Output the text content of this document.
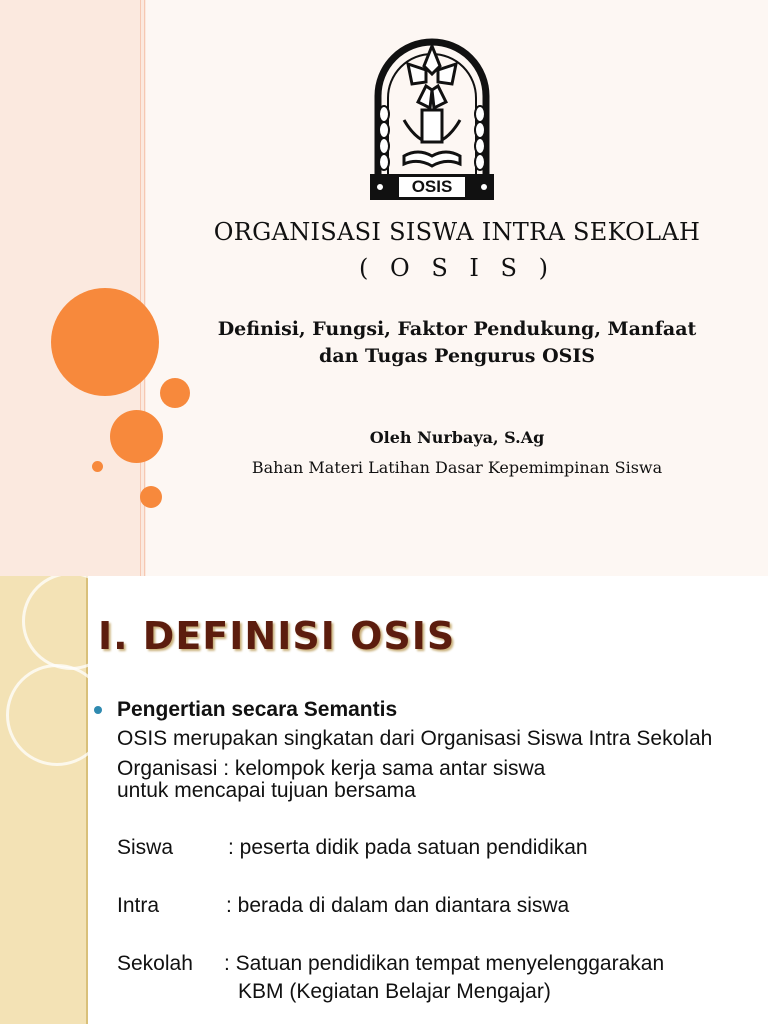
OSIS
ORGANISASI SISWA INTRA SEKOLAH
( O S I S )
Definisi, Fungsi, Faktor Pendukung, Manfaat
dan Tugas Pengurus OSIS
Oleh Nurbaya, S.Ag
Bahan Materi Latihan Dasar Kepemimpinan Siswa
I. DEFINISI OSIS
Pengertian secara Semantis
OSIS merupakan singkatan dari Organisasi Siswa Intra Sekolah
Organisasi : kelompok kerja sama antar siswa
untuk mencapai tujuan bersama
Siswa	: peserta didik pada satuan pendidikan
Intra	: berada di dalam dan diantara siswa
Sekolah : Satuan pendidikan tempat menyelenggarakan
KBM (Kegiatan Belajar Mengajar)
